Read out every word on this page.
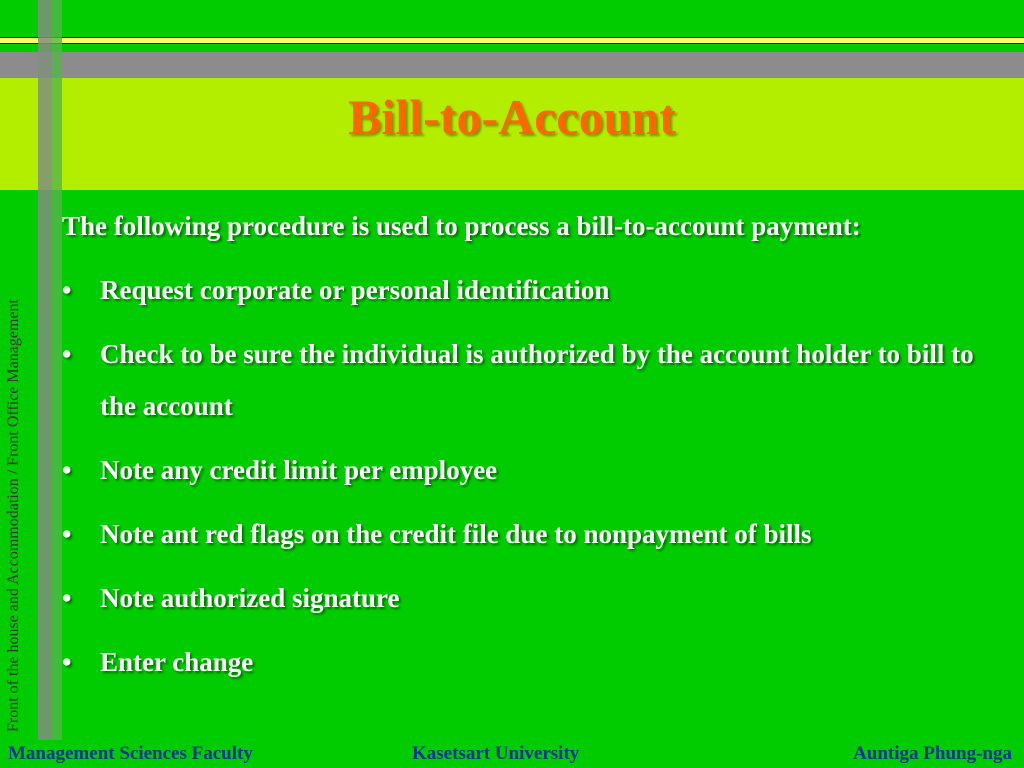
Bill-to-Account
Front of the house and Accommodation / Front Office Management

The following procedure is used to process a bill-to-account payment:

• Request corporate or personal identification
• Check to be sure the individual is authorized by the account holder to bill to the account
• Note any credit limit per employee
• Note ant red flags on the credit file due to nonpayment of bills
• Note authorized signature
• Enter change
Management Sciences Faculty	Kasetsart University	Auntiga Phung-nga
